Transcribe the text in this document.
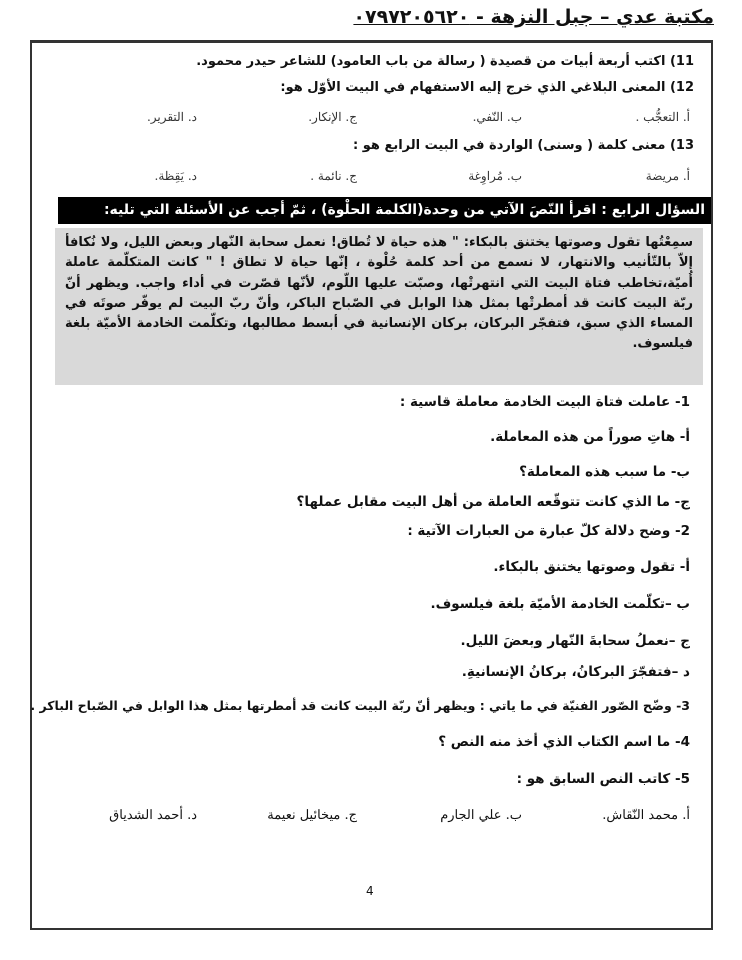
مكتبة عدي – جبل النزهة - ٠٧٩٧٢٠٥٦٢٠
11) اكتب أربعة أبيات من قصيدة ( رسالة من باب العامود) للشاعر حيدر محمود.
12) المعنى البلاغي الذي خرج إليه الاستفهام في البيت الأوّل هو:
أ. التعجُّب .
ب. النّفي.
ج. الإنكار.
د. التقرير.
13) معنى كلمة ( وسنى) الواردة في البيت الرابع هو :
أ. مريضة
ب. مُراوِغة
ج. نائمة .
د. يَقِظة.
السؤال الرابع : اقرأ النّصَ الآتي من وحدة(الكلمة الحلْوة) ، ثمّ أجب عن الأسئلة التي تليه:
سمِعْتُها تقول وصوتها يختنق بالبكاء: " هذه حياة لا تُطاق! نعمل سحابة النّهار وبعض الليل، ولا نُكافأ إلاّ بالتّأنيب والانتهار، لا نسمع من أحد كلمة حُلْوة ، إنّها حياة لا تطاق ! " كانت المتكلّمة عاملة أُميّة،تخاطب فتاة البيت التي انتهرتْها، وصبّت عليها اللّوم، لأنّها قصّرت في أداء واجب. ويظهر أنّ ربّة البيت كانت قد أمطرتْها بمثل هذا الوابل في الصّباح الباكر، وأنّ ربّ البيت لم يوفّر صوتَه في المساء الذي سبق، فتفجّر البركان، بركان الإنسانية في أبسط مطالبها، وتكلّمت الخادمة الأميّة بلغة فيلسوف.
1- عاملت فتاة البيت الخادمة معاملة قاسية :
أ- هاتِ صوراً من هذه المعاملة.
ب- ما سبب هذه المعاملة؟
ج- ما الذي كانت تتوقّعه العاملة من أهل البيت مقابل عملها؟
2- وضح دلالة كلّ عبارة من العبارات الآتية :
أ- تقول وصوتها يختنق بالبكاء.
ب –تكلّمت الخادمة الأميّة بلغة فيلسوف.
ج –نعملُ سحابةَ النّهار وبعضَ الليل.
د –فتفجّرَ البركانُ، بركانُ الإنسانيةِ.
3- وضّح الصّور الفنيّة في ما ياتي : ويظهر أنّ ربّة البيت كانت قد أمطرتها بمثل هذا الوابل في الصّباح الباكر .
4- ما اسم الكتاب الذي أخذ منه النص ؟
5- كاتب النص السابق هو :
أ. محمد النّقاش.
ب. علي الجارم
ج. ميخائيل نعيمة
د. أحمد الشدياق
4
